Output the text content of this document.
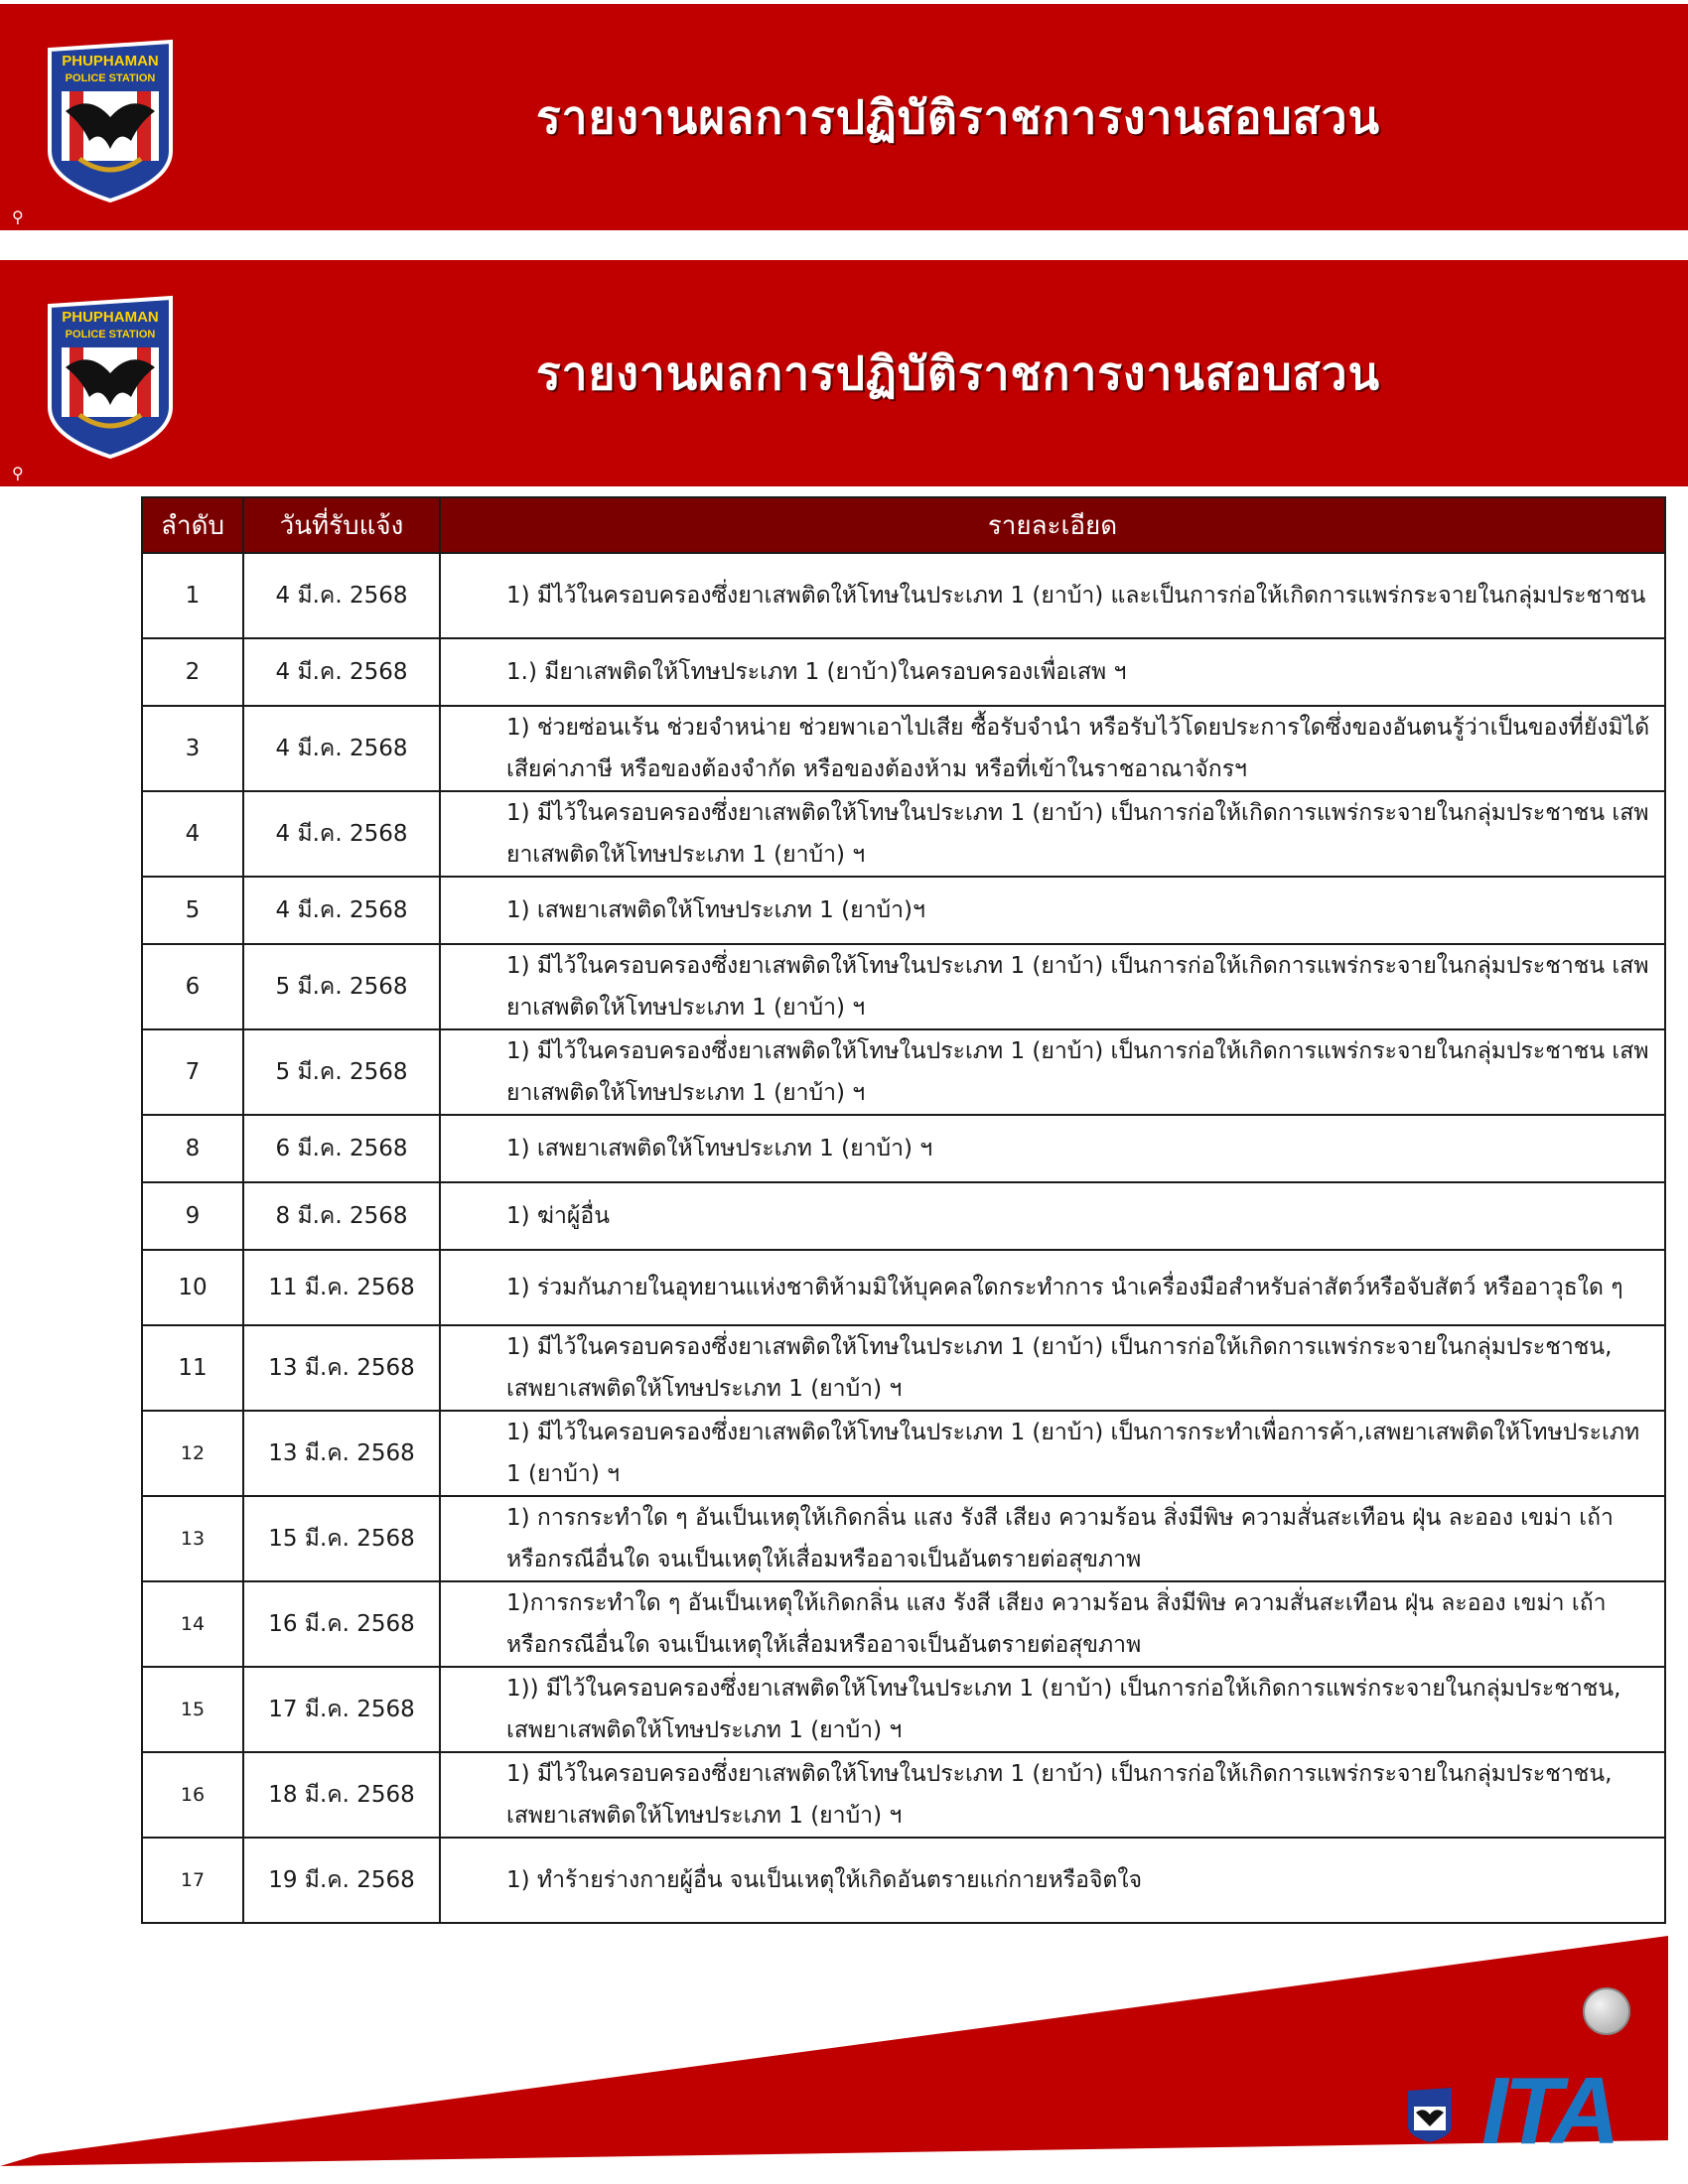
PHUPHAMAN
POLICE STATION
รายงานผลการปฏิบัติราชการงานสอบสวน
⚲
PHUPHAMAN
POLICE STATION
รายงานผลการปฏิบัติราชการงานสอบสวน
⚲
ลำดับ	วันที่รับแจ้ง	รายละเอียด
1	4 มี.ค. 2568	1) มีไว้ในครอบครองซึ่งยาเสพติดให้โทษในประเภท 1 (ยาบ้า) และเป็นการก่อให้เกิดการแพร่กระจายในกลุ่มประชาชน
2	4 มี.ค. 2568	1.) มียาเสพติดให้โทษประเภท 1 (ยาบ้า)ในครอบครองเพื่อเสพ ฯ
3	4 มี.ค. 2568	1) ช่วยซ่อนเร้น ช่วยจำหน่าย ช่วยพาเอาไปเสีย ซื้อรับจำนำ หรือรับไว้โดยประการใดซึ่งของอันตนรู้ว่าเป็นของที่ยังมิได้เสียค่าภาษี หรือของต้องจำกัด หรือของต้องห้าม หรือที่เข้าในราชอาณาจักรฯ
4	4 มี.ค. 2568	1) มีไว้ในครอบครองซึ่งยาเสพติดให้โทษในประเภท 1 (ยาบ้า) เป็นการก่อให้เกิดการแพร่กระจายในกลุ่มประชาชน เสพยาเสพติดให้โทษประเภท 1 (ยาบ้า) ฯ
5	4 มี.ค. 2568	1) เสพยาเสพติดให้โทษประเภท 1 (ยาบ้า)ฯ
6	5 มี.ค. 2568	1) มีไว้ในครอบครองซึ่งยาเสพติดให้โทษในประเภท 1 (ยาบ้า) เป็นการก่อให้เกิดการแพร่กระจายในกลุ่มประชาชน เสพยาเสพติดให้โทษประเภท 1 (ยาบ้า) ฯ
7	5 มี.ค. 2568	1) มีไว้ในครอบครองซึ่งยาเสพติดให้โทษในประเภท 1 (ยาบ้า) เป็นการก่อให้เกิดการแพร่กระจายในกลุ่มประชาชน เสพยาเสพติดให้โทษประเภท 1 (ยาบ้า) ฯ
8	6 มี.ค. 2568	1) เสพยาเสพติดให้โทษประเภท 1 (ยาบ้า) ฯ
9	8 มี.ค. 2568	1) ฆ่าผู้อื่น
10	11 มี.ค. 2568	1) ร่วมกันภายในอุทยานแห่งชาติห้ามมิให้บุคคลใดกระทำการ นำเครื่องมือสำหรับล่าสัตว์หรือจับสัตว์ หรืออาวุธใด ๆ
11	13 มี.ค. 2568	1) มีไว้ในครอบครองซึ่งยาเสพติดให้โทษในประเภท 1 (ยาบ้า) เป็นการก่อให้เกิดการแพร่กระจายในกลุ่มประชาชน, เสพยาเสพติดให้โทษประเภท 1 (ยาบ้า) ฯ
12	13 มี.ค. 2568	1) มีไว้ในครอบครองซึ่งยาเสพติดให้โทษในประเภท 1 (ยาบ้า) เป็นการกระทำเพื่อการค้า,เสพยาเสพติดให้โทษประเภท 1 (ยาบ้า) ฯ
13	15 มี.ค. 2568	1) การกระทำใด ๆ อันเป็นเหตุให้เกิดกลิ่น แสง รังสี เสียง ความร้อน สิ่งมีพิษ ความสั่นสะเทือน ฝุ่น ละออง เขม่า เถ้า หรือกรณีอื่นใด จนเป็นเหตุให้เสื่อมหรืออาจเป็นอันตรายต่อสุขภาพ
14	16 มี.ค. 2568	1)การกระทำใด ๆ อันเป็นเหตุให้เกิดกลิ่น แสง รังสี เสียง ความร้อน สิ่งมีพิษ ความสั่นสะเทือน ฝุ่น ละออง เขม่า เถ้า หรือกรณีอื่นใด จนเป็นเหตุให้เสื่อมหรืออาจเป็นอันตรายต่อสุขภาพ
15	17 มี.ค. 2568	1)) มีไว้ในครอบครองซึ่งยาเสพติดให้โทษในประเภท 1 (ยาบ้า) เป็นการก่อให้เกิดการแพร่กระจายในกลุ่มประชาชน, เสพยาเสพติดให้โทษประเภท 1 (ยาบ้า) ฯ
16	18 มี.ค. 2568	1) มีไว้ในครอบครองซึ่งยาเสพติดให้โทษในประเภท 1 (ยาบ้า) เป็นการก่อให้เกิดการแพร่กระจายในกลุ่มประชาชน, เสพยาเสพติดให้โทษประเภท 1 (ยาบ้า) ฯ
17	19 มี.ค. 2568	1) ทำร้ายร่างกายผู้อื่น จนเป็นเหตุให้เกิดอันตรายแก่กายหรือจิตใจ
ITA
